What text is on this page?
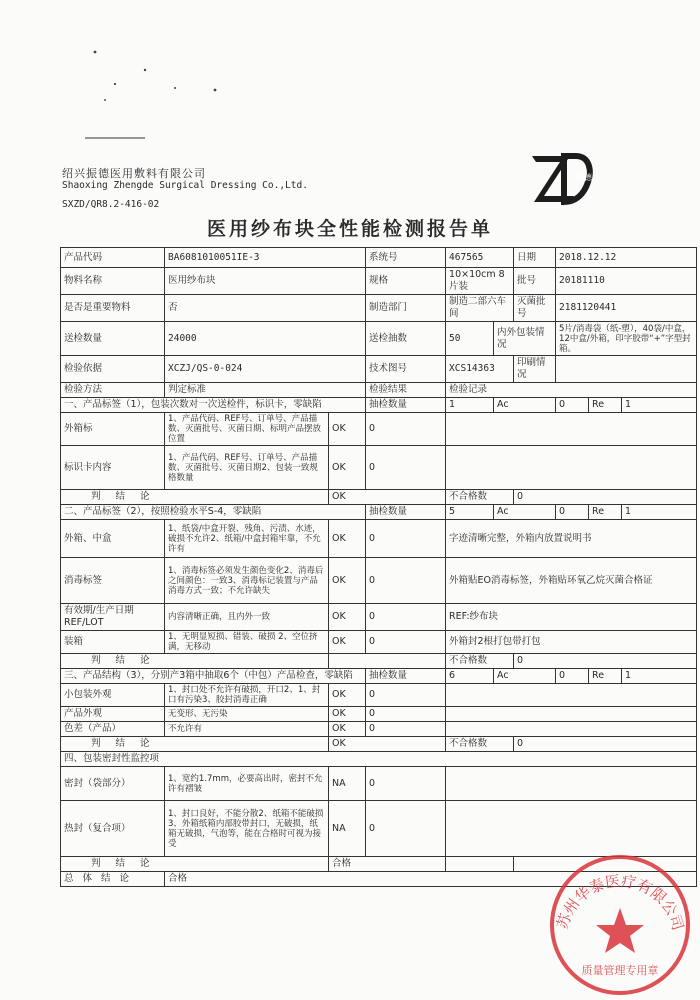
绍兴振德医用敷料有限公司
Shaoxing Zhengde Surgical Dressing Co.,Ltd.
SXZD/QR8.2-416-02
医用纱布块全性能检测报告单
振德
产品代码	BA6081010051IE-3		系统号	467565		日期	2018.12.12		
物料名称	医用纱布块		规格	10×10cm 8片装		批号	20181110		
是否是重要物料	否		制造部门	制造二部六车间		灭菌批号	2181120441		
送检数量	24000		送检抽数	50	内外包装情况		5片/消毒袋（纸-塑），40袋/中盒，12中盒/外箱，印字胶带“+”字型封箱。		
检验依据	XCZJ/QS-0-024		技术图号	XCS14363		印刷情况			
检验方法	判定标准		检验结果	检验记录					
一、产品标签（1），包装次数对一次送检件，标识卡，零缺陷			抽检数量	1	Ac		0	Re	1
外箱标	1、产品代码、REF号、订单号、产品描数、灭菌批号、灭菌日期、标明产品摆放位置	OK	0						
标识卡内容	1、产品代码、REF号、订单号、产品描数、灭菌批号、灭菌日期2、包装一致规格数量	OK	0						
判 结 论		OK		不合格数		0			
二、产品标签（2），按照检验水平S-4，零缺陷			抽检数量	5	Ac		0	Re	1
外箱、中盒	1、纸袋/中盒开裂、残角、污渍、水迹，破损不允许2、纸箱/中盒封箱牢靠，不允许有	OK	0	字迹清晰完整，外箱内放置说明书					
消毒标签	1、消毒标签必须发生颜色变化2、消毒后之间颜色：一致3、消毒标记装置与产品消毒方式一致；不允许缺失	OK	0	外箱贴EO消毒标签，外箱贴环氧乙烷灭菌合格证					
有效期/生产日期REF/LOT	内容清晰正确，且内外一致	OK	0	REF:纱布块					
装箱	1、无明显短损、错装、破损 2、空位挤满，无移动	OK	0	外箱封2根打包带打包					
判 结 论				不合格数		0			
三、产品结构（3），分别产3箱中抽取6个（中包）产品检查，零缺陷			抽检数量	6	Ac		0	Re	1
小包装外观	1、封口处不允许有破损，开口2、1、封口有污染3、胶封消毒正确	OK	0						
产品外观	无变形、无污染	OK	0						
色差（产品）	不允许有	OK	0						
判 结 论		OK		不合格数		0			
四、包装密封性监控项									
密封（袋部分）	1、宽约1.7mm，必要高出时，密封不允许有褶皱	NA	0						
热封（复合项）	1、封口良好，不能分散2、纸箱不能破损3、外箱纸箱内部胶带封口，无破损，纸箱无破损，气泡等，能在合格时可视为接受	NA	0						
判 结 论		合格							
总 体 结 论	合格								
苏州华泰医疗有限公司
质量管理专用章
